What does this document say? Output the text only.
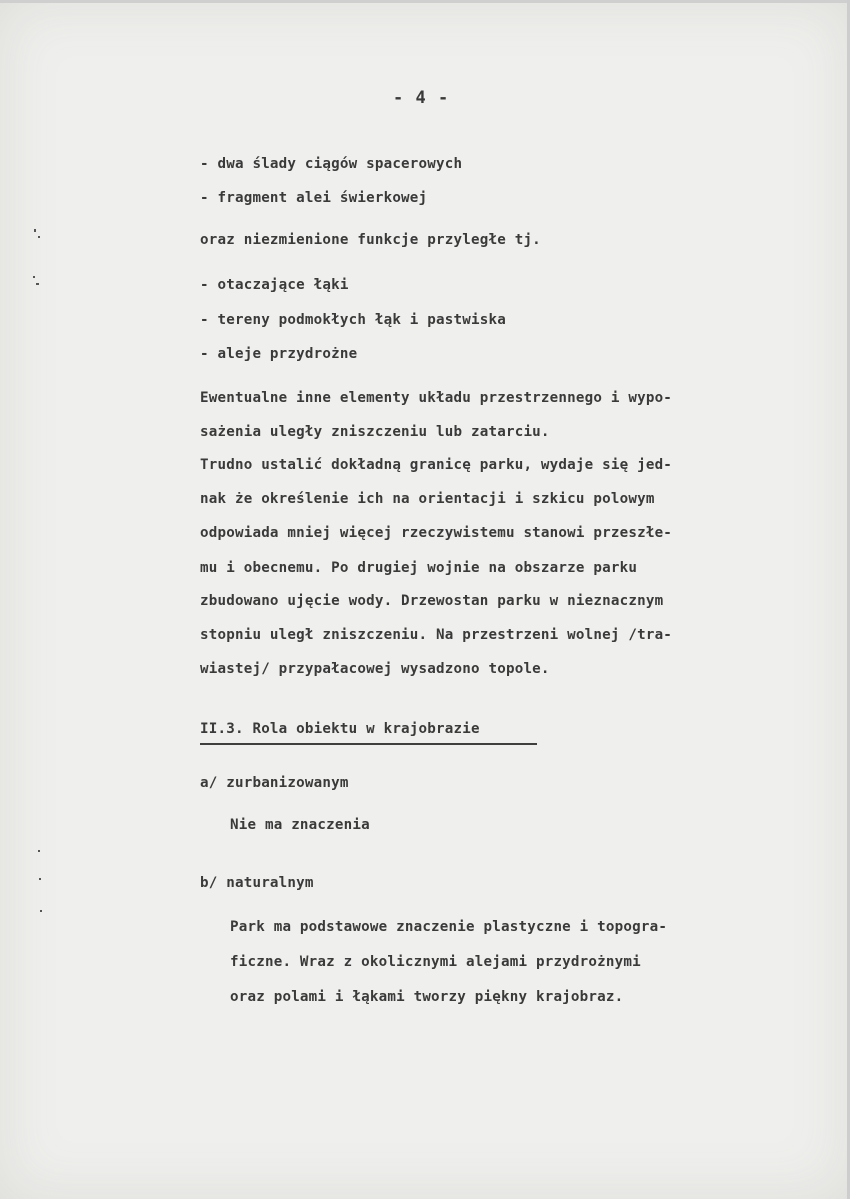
- 4 -
- dwa ślady ciągów spacerowych
- fragment alei świerkowej
oraz niezmienione funkcje przyległe tj.
- otaczające łąki
- tereny podmokłych łąk i pastwiska
- aleje przydrożne
Ewentualne inne elementy układu przestrzennego i wypo-
sażenia uległy zniszczeniu lub zatarciu.
Trudno ustalić dokładną granicę parku, wydaje się jed-
nak że określenie ich na orientacji i szkicu polowym
odpowiada mniej więcej rzeczywistemu stanowi przeszłe-
mu i obecnemu. Po drugiej wojnie na obszarze parku
zbudowano ujęcie wody. Drzewostan parku w nieznacznym
stopniu uległ zniszczeniu. Na przestrzeni wolnej /tra-
wiastej/ przypałacowej wysadzono topole.
II.3. Rola obiektu w krajobrazie
a/ zurbanizowanym
Nie ma znaczenia
b/ naturalnym
Park ma podstawowe znaczenie plastyczne i topogra-
ficzne. Wraz z okolicznymi alejami przydrożnymi
oraz polami i łąkami tworzy piękny krajobraz.
